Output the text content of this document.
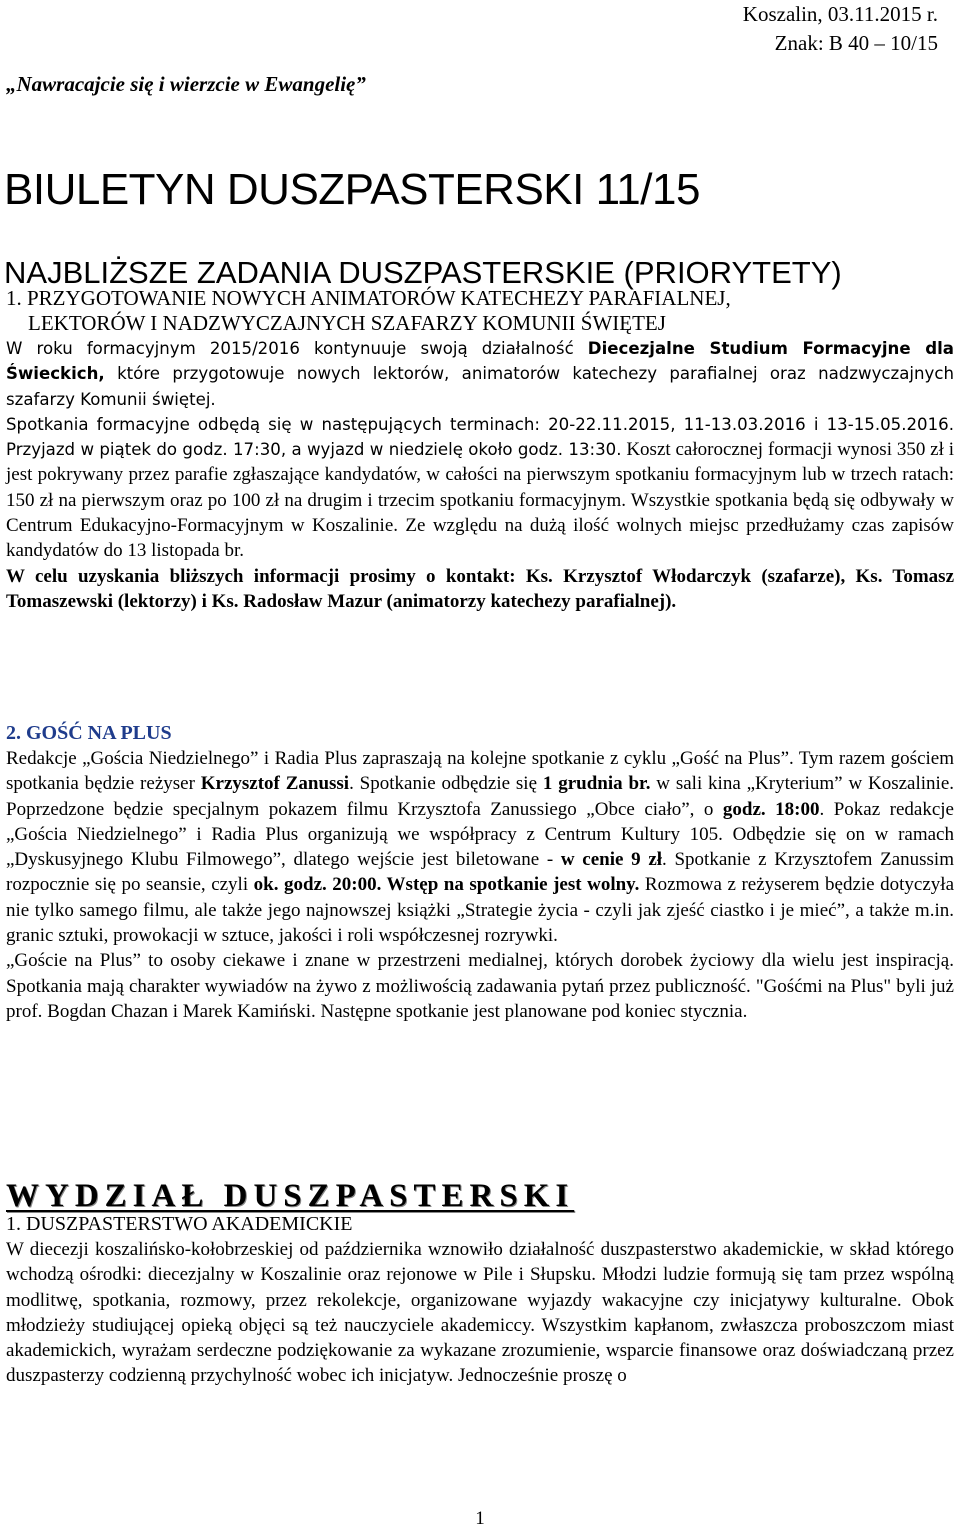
Koszalin, 03.11.2015 r.
Znak: B 40 – 10/15
„Nawracajcie się i wierzcie w Ewangelię”
BIULETYN DUSZPASTERSKI 11/15
NAJBLIŻSZE ZADANIA DUSZPASTERSKIE (PRIORYTETY)

1. PRZYGOTOWANIE NOWYCH ANIMATORÓW KATECHEZY PARAFIALNEJ,

LEKTORÓW I NADZWYCZAJNYCH SZAFARZY KOMUNII ŚWIĘTEJ

W roku formacyjnym 2015/2016 kontynuuje swoją działalność Diecezjalne Studium Formacyjne dla Świeckich, które przygotowuje nowych lektorów, animatorów katechezy parafialnej oraz nadzwyczajnych szafarzy Komunii świętej.

Spotkania formacyjne odbędą się w następujących terminach: 20-22.11.2015, 11-13.03.2016 i 13-15.05.2016. Przyjazd w piątek do godz. 17:30, a wyjazd w niedzielę około godz. 13:30. Koszt całorocznej formacji wynosi 350 zł i jest pokrywany przez parafie zgłaszające kandydatów, w całości na pierwszym spotkaniu formacyjnym lub w trzech ratach: 150 zł na pierwszym oraz po 100 zł na drugim i trzecim spotkaniu formacyjnym. Wszystkie spotkania będą się odbywały w Centrum Edukacyjno-Formacyjnym w Koszalinie. Ze względu na dużą ilość wolnych miejsc przedłużamy czas zapisów kandydatów do 13 listopada br.

W celu uzyskania bliższych informacji prosimy o kontakt: Ks. Krzysztof Włodarczyk (szafarze), Ks. Tomasz Tomaszewski (lektorzy) i Ks. Radosław Mazur (animatorzy katechezy parafialnej).

2. GOŚĆ NA PLUS

Redakcje „Gościa Niedzielnego” i Radia Plus zapraszają na kolejne spotkanie z cyklu „Gość na Plus”. Tym razem gościem spotkania będzie reżyser Krzysztof Zanussi. Spotkanie odbędzie się 1 grudnia br. w sali kina „Kryterium” w Koszalinie. Poprzedzone będzie specjalnym pokazem filmu Krzysztofa Zanussiego „Obce ciało”, o godz. 18:00. Pokaz redakcje „Gościa Niedzielnego” i Radia Plus organizują we współpracy z Centrum Kultury 105. Odbędzie się on w ramach „Dyskusyjnego Klubu Filmowego”, dlatego wejście jest biletowane - w cenie 9 zł. Spotkanie z Krzysztofem Zanussim rozpocznie się po seansie, czyli ok. godz. 20:00. Wstęp na spotkanie jest wolny. Rozmowa z reżyserem będzie dotyczyła nie tylko samego filmu, ale także jego najnowszej książki „Strategie życia - czyli jak zjeść ciastko i je mieć”, a także m.in. granic sztuki, prowokacji w sztuce, jakości i roli współczesnej rozrywki.

„Goście na Plus” to osoby ciekawe i znane w przestrzeni medialnej, których dorobek życiowy dla wielu jest inspiracją. Spotkania mają charakter wywiadów na żywo z możliwością zadawania pytań przez publiczność. "Gośćmi na Plus" byli już prof. Bogdan Chazan i Marek Kamiński. Następne spotkanie jest planowane pod koniec stycznia.

WYDZIAŁ DUSZPASTERSKI
1. DUSZPASTERSTWO AKADEMICKIE

W diecezji koszalińsko-kołobrzeskiej od października wznowiło działalność duszpasterstwo akademickie, w skład którego wchodzą ośrodki: diecezjalny w Koszalinie oraz rejonowe w Pile i Słupsku. Młodzi ludzie formują się tam przez wspólną modlitwę, spotkania, rozmowy, przez rekolekcje, organizowane wyjazdy wakacyjne czy inicjatywy kulturalne. Obok młodzieży studiującej opieką objęci są też nauczyciele akademiccy. Wszystkim kapłanom, zwłaszcza proboszczom miast akademickich, wyrażam serdeczne podziękowanie za wykazane zrozumienie, wsparcie finansowe oraz doświadczaną przez duszpasterzy codzienną przychylność wobec ich inicjatyw. Jednocześnie proszę o

1
